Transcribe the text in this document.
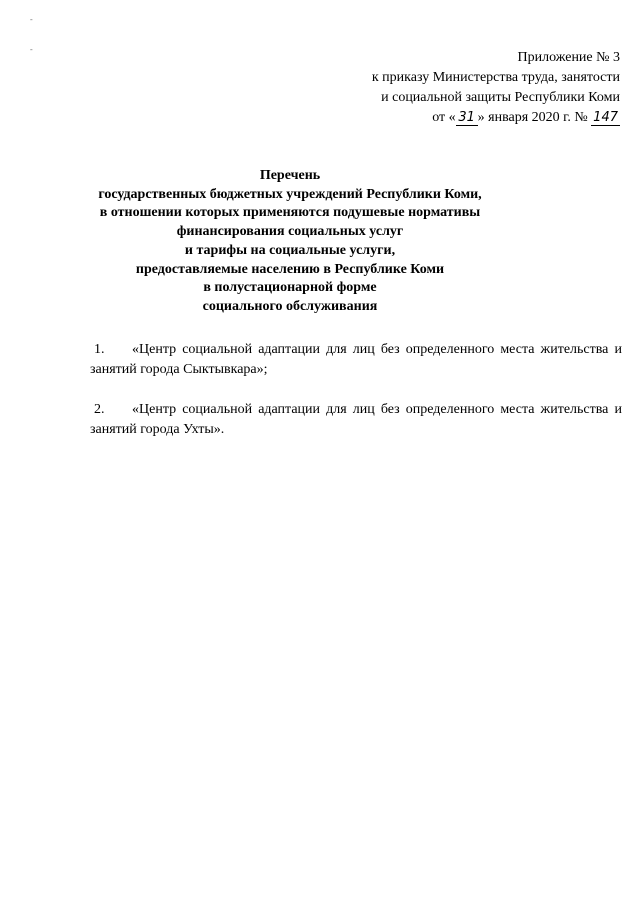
-
-
Приложение № 3
к приказу Министерства труда, занятости
и социальной защиты Республики Коми
от « 31 » января 2020 г. № 147
Перечень
государственных бюджетных учреждений Республики Коми,
в отношении которых применяются подушевые нормативы
финансирования социальных услуг
и тарифы на социальные услуги,
предоставляемые населению в Республике Коми
в полустационарной форме
социального обслуживания

1. «Центр социальной адаптации для лиц без определенного места жительства и занятий города Сыктывкара»;

2. «Центр социальной адаптации для лиц без определенного места жительства и занятий города Ухты».
